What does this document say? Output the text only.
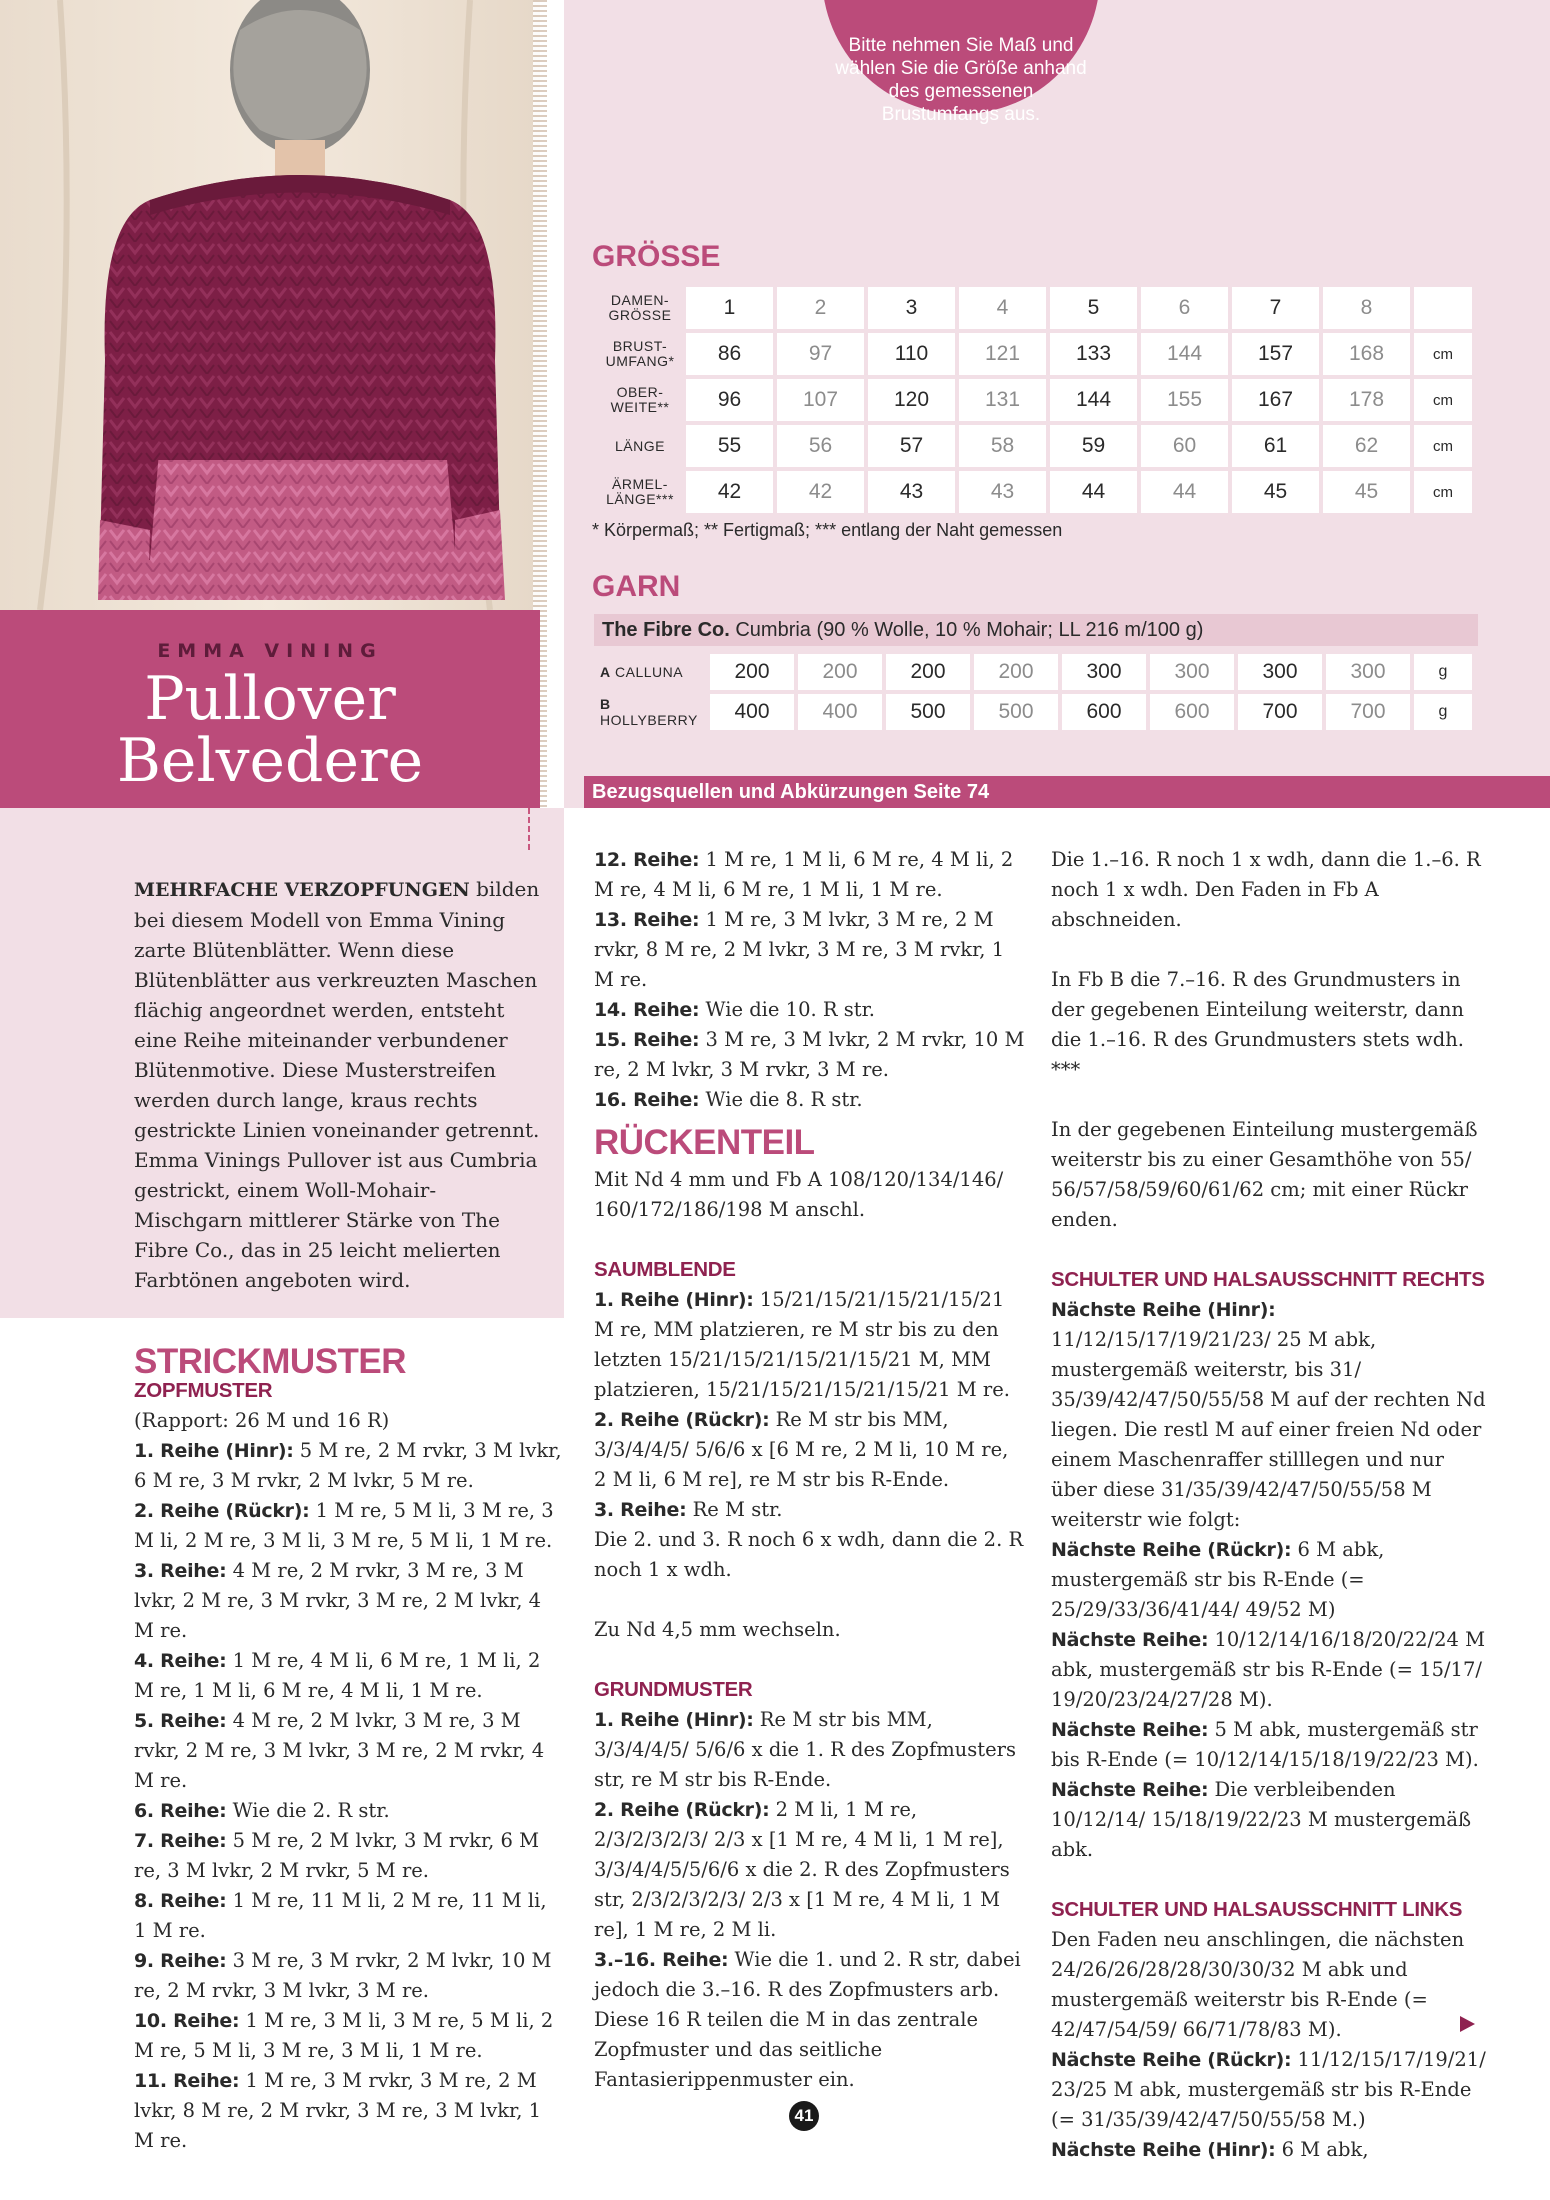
EMMA VINING
Pullover
Belvedere

Bitte nehmen Sie Maß und wählen Sie die Größe anhand des gemessenen Brustumfangs aus.

GRÖSSE
DAMEN-
GRÖSSE	1	2	3	4	5	6	7	8	
BRUST-
UMFANG*	86	97	110	121	133	144	157	168	cm
OBER-
WEITE**	96	107	120	131	144	155	167	178	cm
LÄNGE	55	56	57	58	59	60	61	62	cm
ÄRMEL-
LÄNGE***	42	42	43	43	44	44	45	45	cm
* Körpermaß; ** Fertigmaß; *** entlang der Naht gemessen
GARN
The Fibre Co. Cumbria (90 % Wolle, 10 % Mohair; LL 216 m/100 g)
A CALLUNA	200	200	200	200	300	300	300	300	g
B HOLLYBERRY	400	400	500	500	600	600	700	700	g
Bezugsquellen und Abkürzungen Seite 74
MEHRFACHE VERZOPFUNGEN bilden bei diesem Modell von Emma Vining zarte Blütenblätter. Wenn diese Blütenblätter aus verkreuzten Maschen flächig angeordnet werden, entsteht eine Reihe miteinander verbundener Blütenmotive. Diese Musterstreifen werden durch lange, kraus rechts gestrickte Linien voneinander getrennt. Emma Vinings Pullover ist aus Cumbria gestrickt, einem Woll-Mohair-Mischgarn mittlerer Stärke von The Fibre Co., das in 25 leicht melierten Farbtönen angeboten wird.
STRICKMUSTER
ZOPFMUSTER

(Rapport: 26 M und 16 R)

1. Reihe (Hinr): 5 M re, 2 M rvkr, 3 M lvkr, 6 M re, 3 M rvkr, 2 M lvkr, 5 M re.

2. Reihe (Rückr): 1 M re, 5 M li, 3 M re, 3 M li, 2 M re, 3 M li, 3 M re, 5 M li, 1 M re.

3. Reihe: 4 M re, 2 M rvkr, 3 M re, 3 M lvkr, 2 M re, 3 M rvkr, 3 M re, 2 M lvkr, 4 M re.

4. Reihe: 1 M re, 4 M li, 6 M re, 1 M li, 2 M re, 1 M li, 6 M re, 4 M li, 1 M re.

5. Reihe: 4 M re, 2 M lvkr, 3 M re, 3 M rvkr, 2 M re, 3 M lvkr, 3 M re, 2 M rvkr, 4 M re.

6. Reihe: Wie die 2. R str.

7. Reihe: 5 M re, 2 M lvkr, 3 M rvkr, 6 M re, 3 M lvkr, 2 M rvkr, 5 M re.

8. Reihe: 1 M re, 11 M li, 2 M re, 11 M li, 1 M re.

9. Reihe: 3 M re, 3 M rvkr, 2 M lvkr, 10 M re, 2 M rvkr, 3 M lvkr, 3 M re.

10. Reihe: 1 M re, 3 M li, 3 M re, 5 M li, 2 M re, 5 M li, 3 M re, 3 M li, 1 M re.

11. Reihe: 1 M re, 3 M rvkr, 3 M re, 2 M lvkr, 8 M re, 2 M rvkr, 3 M re, 3 M lvkr, 1 M re.

12. Reihe: 1 M re, 1 M li, 6 M re, 4 M li, 2 M re, 4 M li, 6 M re, 1 M li, 1 M re.

13. Reihe: 1 M re, 3 M lvkr, 3 M re, 2 M rvkr, 8 M re, 2 M lvkr, 3 M re, 3 M rvkr, 1 M re.

14. Reihe: Wie die 10. R str.

15. Reihe: 3 M re, 3 M lvkr, 2 M rvkr, 10 M re, 2 M lvkr, 3 M rvkr, 3 M re.

16. Reihe: Wie die 8. R str.

RÜCKENTEIL

Mit Nd 4 mm und Fb A 108/120/134/146/ 160/172/186/198 M anschl.

SAUMBLENDE

1. Reihe (Hinr): 15/21/15/21/15/21/15/21 M re, MM platzieren, re M str bis zu den letzten 15/21/15/21/15/21/15/21 M, MM platzieren, 15/21/15/21/15/21/15/21 M re.

2. Reihe (Rückr): Re M str bis MM, 3/3/4/4/5/ 5/6/6 x [6 M re, 2 M li, 10 M re, 2 M li, 6 M re], re M str bis R-Ende.

3. Reihe: Re M str.

Die 2. und 3. R noch 6 x wdh, dann die 2. R noch 1 x wdh.

Zu Nd 4,5 mm wechseln.

GRUNDMUSTER

1. Reihe (Hinr): Re M str bis MM, 3/3/4/4/5/ 5/6/6 x die 1. R des Zopfmusters str, re M str bis R-Ende.

2. Reihe (Rückr): 2 M li, 1 M re, 2/3/2/3/2/3/ 2/3 x [1 M re, 4 M li, 1 M re], 3/3/4/4/5/5/6/6 x die 2. R des Zopfmusters str, 2/3/2/3/2/3/ 2/3 x [1 M re, 4 M li, 1 M re], 1 M re, 2 M li.

3.–16. Reihe: Wie die 1. und 2. R str, dabei jedoch die 3.–16. R des Zopfmusters arb. Diese 16 R teilen die M in das zentrale Zopfmuster und das seitliche Fantasierippenmuster ein.

Die 1.–16. R noch 1 x wdh, dann die 1.–6. R noch 1 x wdh. Den Faden in Fb A abschneiden.

In Fb B die 7.–16. R des Grundmusters in der gegebenen Einteilung weiterstr, dann die 1.–16. R des Grundmusters stets wdh. ***

In der gegebenen Einteilung mustergemäß weiterstr bis zu einer Gesamthöhe von 55/ 56/57/58/59/60/61/62 cm; mit einer Rückr enden.

SCHULTER UND HALSAUSSCHNITT RECHTS

Nächste Reihe (Hinr): 11/12/15/17/19/21/23/ 25 M abk, mustergemäß weiterstr, bis 31/ 35/39/42/47/50/55/58 M auf der rechten Nd liegen. Die restl M auf einer freien Nd oder einem Maschenraffer stilllegen und nur über diese 31/35/39/42/47/50/55/58 M weiterstr wie folgt:

Nächste Reihe (Rückr): 6 M abk, mustergemäß str bis R-Ende (= 25/29/33/36/41/44/ 49/52 M)

Nächste Reihe: 10/12/14/16/18/20/22/24 M abk, mustergemäß str bis R-Ende (= 15/17/ 19/20/23/24/27/28 M).

Nächste Reihe: 5 M abk, mustergemäß str bis R-Ende (= 10/12/14/15/18/19/22/23 M).

Nächste Reihe: Die verbleibenden 10/12/14/ 15/18/19/22/23 M mustergemäß abk.

SCHULTER UND HALSAUSSCHNITT LINKS

Den Faden neu anschlingen, die nächsten 24/26/26/28/28/30/30/32 M abk und mustergemäß weiterstr bis R-Ende (= 42/47/54/59/ 66/71/78/83 M).

Nächste Reihe (Rückr): 11/12/15/17/19/21/ 23/25 M abk, mustergemäß str bis R-Ende (= 31/35/39/42/47/50/55/58 M.)

Nächste Reihe (Hinr): 6 M abk,

41
